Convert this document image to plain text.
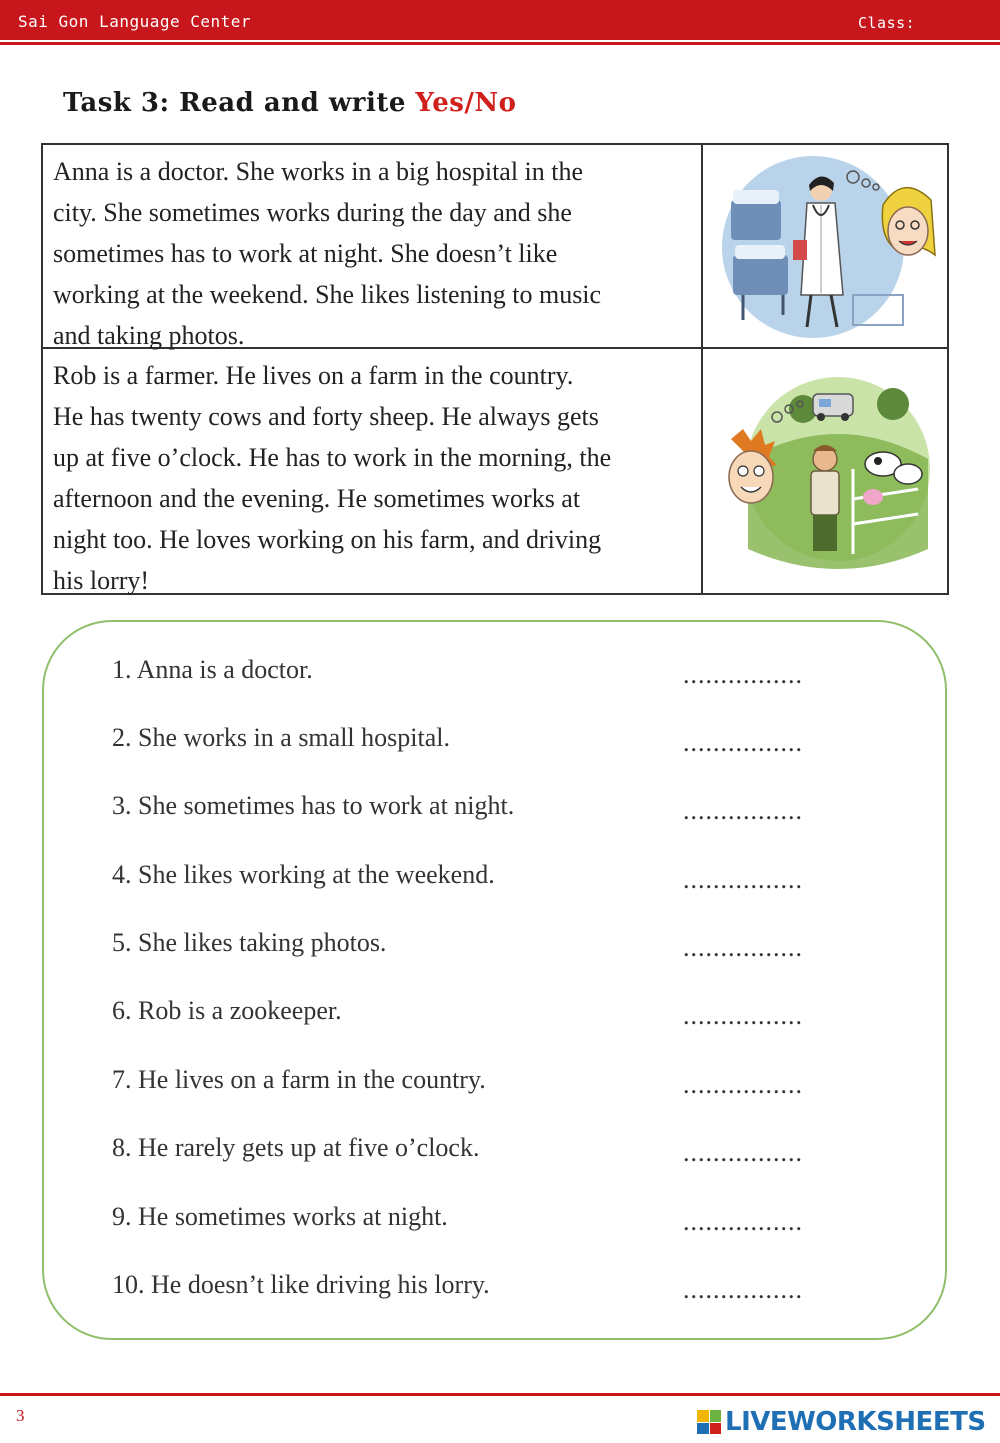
Sai Gon Language Center	Class:
Task 3: Read and write Yes/No
Anna is a doctor. She works in a big hospital in the
city. She sometimes works during the day and she
sometimes has to work at night. She doesn’t like
working at the weekend. She likes listening to music
and taking photos.
Rob is a farmer. He lives on a farm in the country.
He has twenty cows and forty sheep. He always gets
up at five o’clock. He has to work in the morning, the
afternoon and the evening. He sometimes works at
night too. He loves working on his farm, and driving
his lorry!
1. Anna is a doctor.	................
2. She works in a small hospital.	................
3. She sometimes has to work at night.	................
4. She likes working at the weekend.	................
5. She likes taking photos.	................
6. Rob is a zookeeper.	................
7. He lives on a farm in the country.	................
8. He rarely gets up at five o’clock.	................
9. He sometimes works at night.	................
10. He doesn’t like driving his lorry.	................
3	LIVEWORKSHEETS
